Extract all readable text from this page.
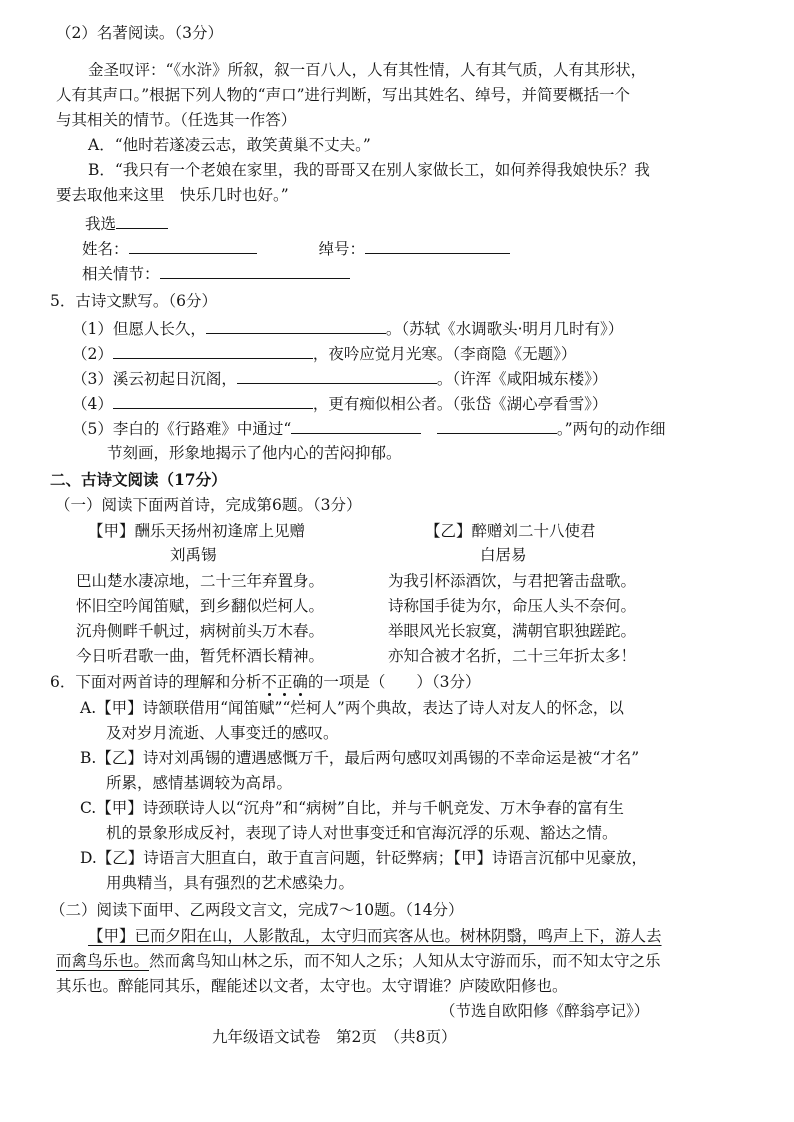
（2）名著阅读。（3分）
金圣叹评：“《水浒》所叙，叙一百八人，人有其性情，人有其气质，人有其形状，
人有其声口。”根据下列人物的“声口”进行判断，写出其姓名、绰号，并简要概括一个
与其相关的情节。（任选其一作答）
A．“他时若遂凌云志，敢笑黄巢不丈夫。”
B．“我只有一个老娘在家里，我的哥哥又在别人家做长工，如何养得我娘快乐？我
要去取他来这里　快乐几时也好。”
我选
姓名：	　　　　绰号：
相关情节：
5．古诗文默写。（6分）
（1）但愿人长久，	。（苏轼《水调歌头·明月几时有》）
（2）	，夜吟应觉月光寒。（李商隐《无题》）
（3）溪云初起日沉阁，	。（许浑《咸阳城东楼》）
（4）	，更有痴似相公者。（张岱《湖心亭看雪》）
（5）李白的《行路难》中通过“　	。”两句的动作细
节刻画，形象地揭示了他内心的苦闷抑郁。
二、古诗文阅读（17分）
（一）阅读下面两首诗，完成第6题。（3分）
【甲】酬乐天扬州初逢席上见赠
刘禹锡
巴山楚水凄凉地，二十三年弃置身。
怀旧空吟闻笛赋，到乡翻似烂柯人。
沉舟侧畔千帆过，病树前头万木春。
今日听君歌一曲，暂凭杯酒长精神。
【乙】醉赠刘二十八使君
白居易
为我引杯添酒饮，与君把箸击盘歌。
诗称国手徒为尔，命压人头不奈何。
举眼风光长寂寞，满朝官职独蹉跎。
亦知合被才名折，二十三年折太多！
6．下面对两首诗的理解和分析不正确的一项是（　　）（3分）
A.【甲】诗颔联借用“闻笛赋”“烂柯人”两个典故，表达了诗人对友人的怀念，以
及对岁月流逝、人事变迁的感叹。
B.【乙】诗对刘禹锡的遭遇感慨万千，最后两句感叹刘禹锡的不幸命运是被“才名”
所累，感情基调较为高昂。
C.【甲】诗颈联诗人以“沉舟”和“病树”自比，并与千帆竞发、万木争春的富有生
机的景象形成反衬，表现了诗人对世事变迁和官海沉浮的乐观、豁达之情。
D.【乙】诗语言大胆直白，敢于直言问题，针砭弊病；【甲】诗语言沉郁中见豪放，
用典精当，具有强烈的艺术感染力。
（二）阅读下面甲、乙两段文言文，完成7～10题。（14分）
【甲】已而夕阳在山，人影散乱，太守归而宾客从也。树林阴翳，鸣声上下，游人去
而禽鸟乐也。然而禽鸟知山林之乐，而不知人之乐；人知从太守游而乐，而不知太守之乐
其乐也。醉能同其乐，醒能述以文者，太守也。太守谓谁？庐陵欧阳修也。
（节选自欧阳修《醉翁亭记》）
九年级语文试卷　第2页　（共8页）
